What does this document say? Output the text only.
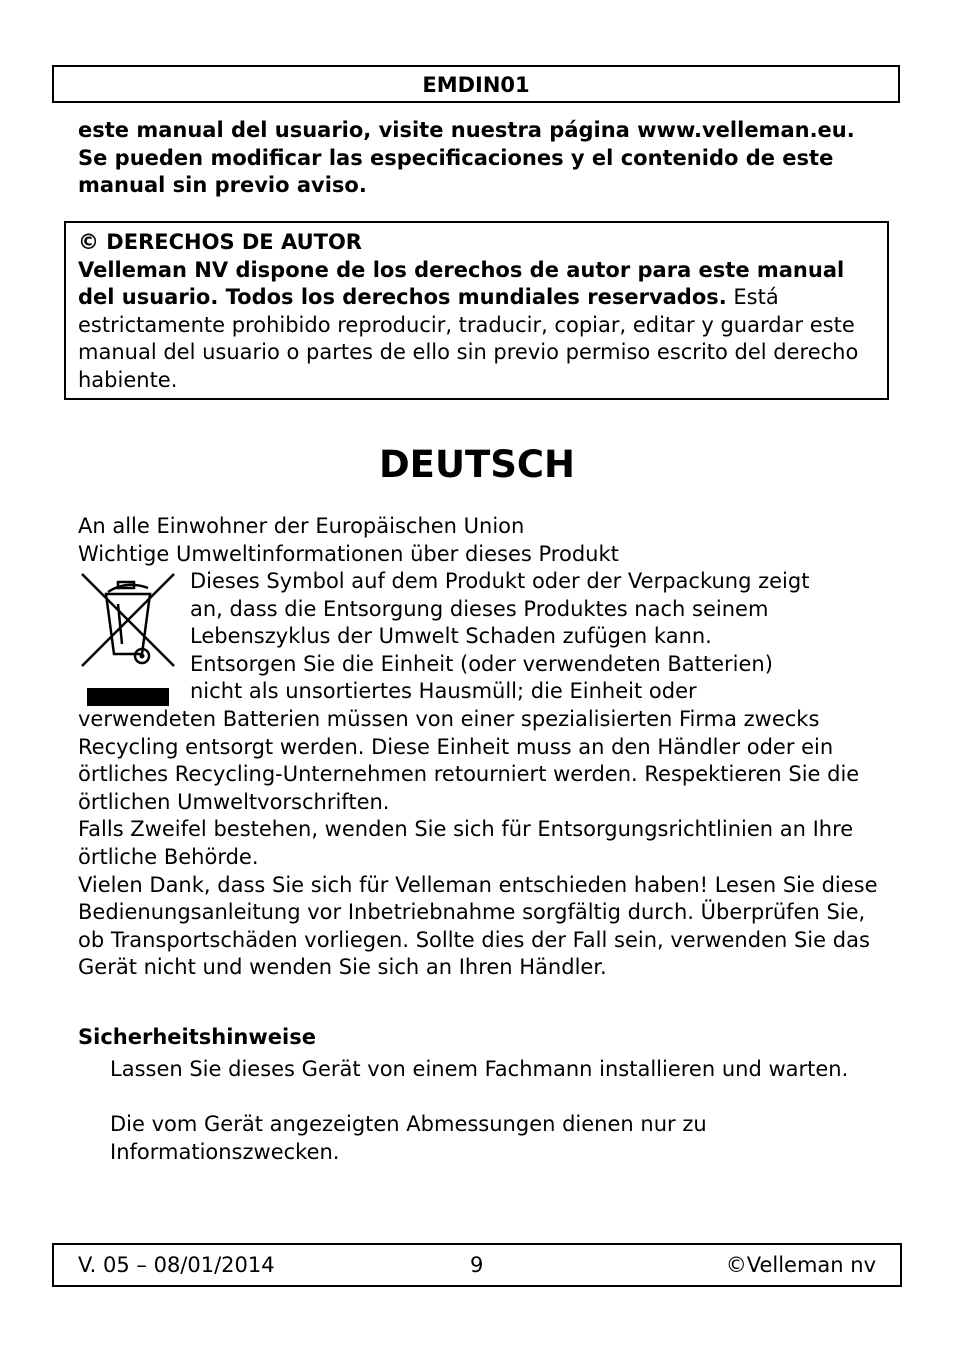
EMDIN01

este manual del usuario, visite nuestra página www.velleman.eu. Se pueden modificar las especificaciones y el contenido de este manual sin previo aviso.

© DERECHOS DE AUTOR
Velleman NV dispone de los derechos de autor para este manual del usuario. Todos los derechos mundiales reservados. Está estrictamente prohibido reproducir, traducir, copiar, editar y guardar este manual del usuario o partes de ello sin previo permiso escrito del derecho habiente.
DEUTSCH

An alle Einwohner der Europäischen Union

Wichtige Umweltinformationen über dieses Produkt

Dieses Symbol auf dem Produkt oder der Verpackung zeigt
an, dass die Entsorgung dieses Produktes nach seinem
Lebenszyklus der Umwelt Schaden zufügen kann.
Entsorgen Sie die Einheit (oder verwendeten Batterien)
nicht als unsortiertes Hausmüll; die Einheit oder
verwendeten Batterien müssen von einer spezialisierten Firma zwecks Recycling entsorgt werden. Diese Einheit muss an den Händler oder ein örtliches Recycling-Unternehmen retourniert werden. Respektieren Sie die örtlichen Umweltvorschriften.
Falls Zweifel bestehen, wenden Sie sich für Entsorgungsrichtlinien an Ihre örtliche Behörde.
Vielen Dank, dass Sie sich für Velleman entschieden haben! Lesen Sie diese Bedienungsanleitung vor Inbetriebnahme sorgfältig durch. Überprüfen Sie, ob Transportschäden vorliegen. Sollte dies der Fall sein, verwenden Sie das Gerät nicht und wenden Sie sich an Ihren Händler.

Sicherheitshinweise

Lassen Sie dieses Gerät von einem Fachmann installieren und warten.

Die vom Gerät angezeigten Abmessungen dienen nur zu Informationszwecken.

V. 05 – 08/01/2014	9	©Velleman nv
